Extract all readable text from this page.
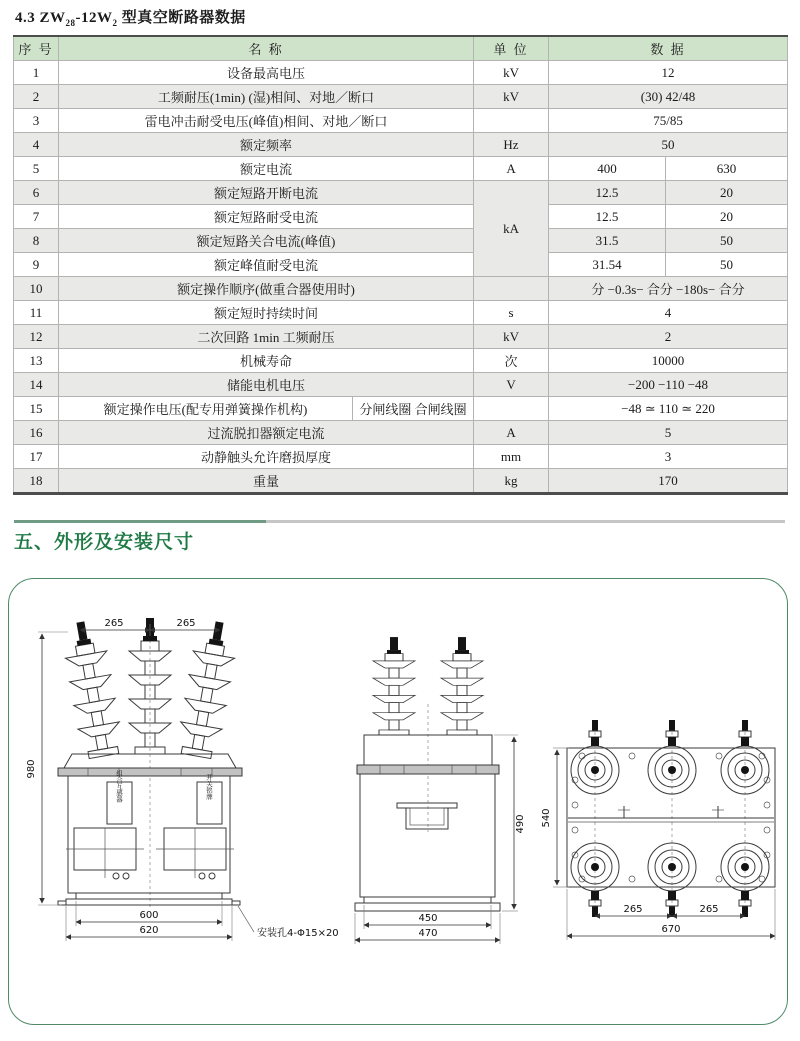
4.3 $ZW_{28}-12W_2$ 型真空断路器数据
序 号	名 称		单 位	数 据	
1	设备最高电压		kV	12	
2	工频耐压(1min) (湿)相间、对地／断口		kV	(30) 42/48	
3	雷电冲击耐受电压(峰值)相间、对地／断口			75/85	
4	额定频率		Hz	50	
5	额定电流		A	400	630
6	额定短路开断电流		kA	12.5	20
7	额定短路耐受电流			12.5	20
8	额定短路关合电流(峰值)			31.5	50
9	额定峰值耐受电流			31.54	50
10	额定操作顺序(做重合器使用时)			分 −0.3s− 合分 −180s− 合分	
11	额定短时持续时间		s	4	
12	二次回路 1min 工频耐压		kV	2	
13	机械寿命		次	10000	
14	储能电机电压		V	−200 −110 −48	
15	额定操作电压(配专用弹簧操作机构)	分闸线圈 合闸线圈		−48 ≃ 110 ≃ 220	
16	过流脱扣器额定电流		A	5	
17	动静触头允许磨损厚度		mm	3	
18	重量		kg	170	
五、外形及安装尺寸
组合互感器	开关铭牌
265	265
980
600
620	安装孔4-Φ15×20
490
450
470
540
265	265
670
